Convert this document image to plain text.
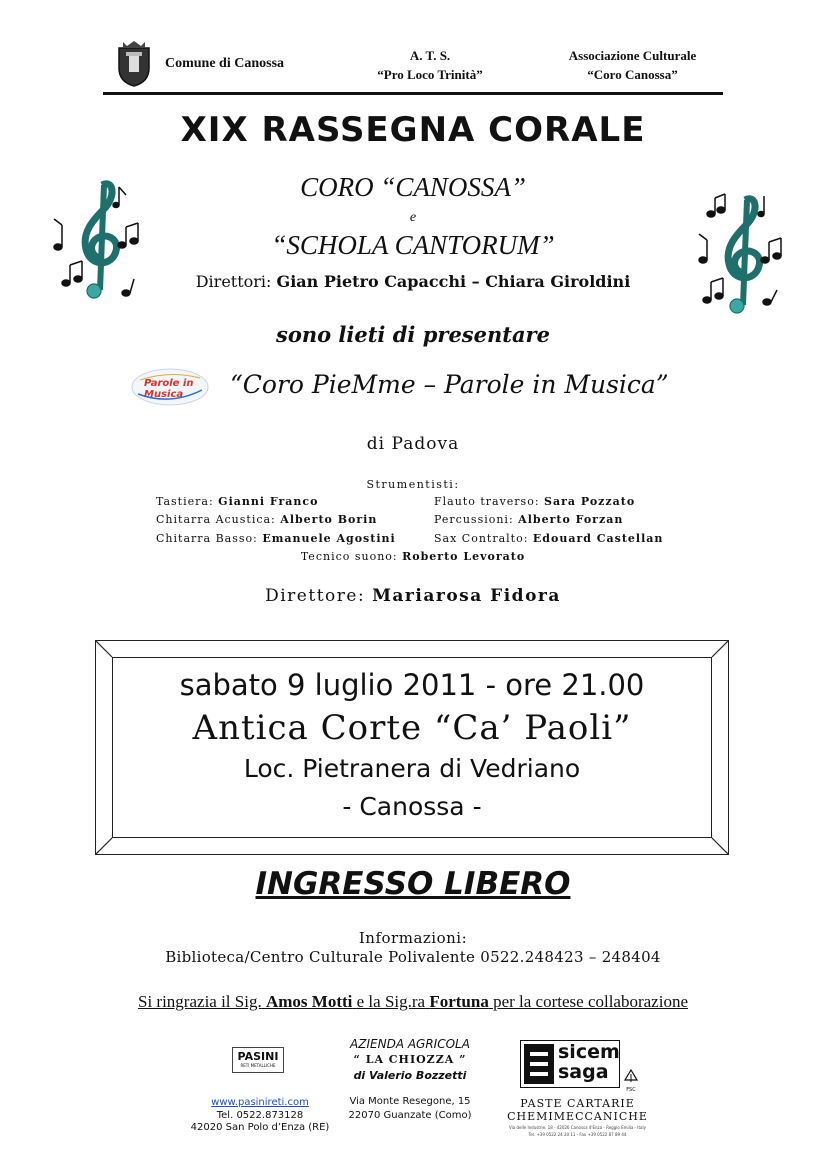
Comune di Canossa
A. T. S.
“Pro Loco Trinità”
Associazione Culturale
“Coro Canossa”
XIX RASSEGNA CORALE
CORO “CANOSSA”
e
“SCHOLA CANTORUM”
Direttori: Gian Pietro Capacchi – Chiara Giroldini
sono lieti di presentare
Parole in Musica	“Coro PieMme – Parole in Musica”
di Padova
Strumentisti:
Tastiera: Gianni Franco	Flauto traverso: Sara Pozzato
Chitarra Acustica: Alberto Borin	Percussioni: Alberto Forzan
Chitarra Basso: Emanuele Agostini	Sax Contralto: Edouard Castellan
Tecnico suono: Roberto Levorato
Direttore: Mariarosa Fidora
sabato 9 luglio 2011 - ore 21.00
Antica Corte “Ca’ Paoli”
Loc. Pietranera di Vedriano
- Canossa -
INGRESSO LIBERO
Informazioni:
Biblioteca/Centro Culturale Polivalente 0522.248423 – 248404
Si ringrazia il Sig. Amos Motti e la Sig.ra Fortuna per la cortese collaborazione
PASINI
RETI METALLICHE
www.pasinireti.com
Tel. 0522.873128
42020 San Polo d’Enza (RE)
AZIENDA AGRICOLA
“ LA CHIOZZA ”
di Valerio Bozzetti
Via Monte Resegone, 15
22070 Guanzate (Como)
sicem
saga
FSC
PASTE CARTARIE
CHEMIMECCANICHE
Via delle Industrie, 18 - 42026 Canossa d'Enza - Reggio Emilia - Italy
Tel. +39 0522 24 20 11 - Fax +39 0522 87 89 44
